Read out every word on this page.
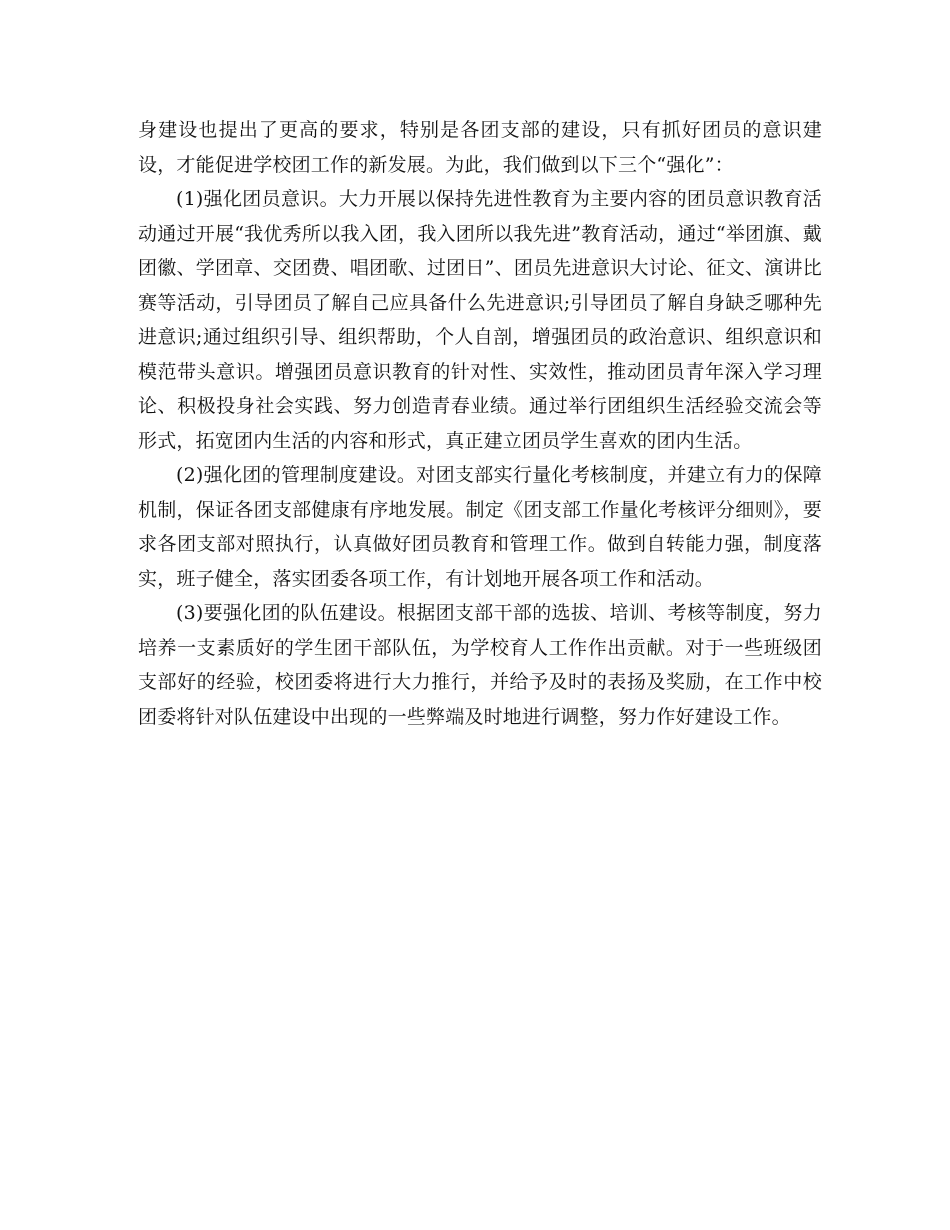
身建设也提出了更高的要求，特别是各团支部的建设，只有抓好团员的意识建设，才能促进学校团工作的新发展。为此，我们做到以下三个“强化”：

(1)强化团员意识。大力开展以保持先进性教育为主要内容的团员意识教育活动通过开展“我优秀所以我入团，我入团所以我先进”教育活动，通过“举团旗、戴团徽、学团章、交团费、唱团歌、过团日”、团员先进意识大讨论、征文、演讲比赛等活动，引导团员了解自己应具备什么先进意识;引导团员了解自身缺乏哪种先进意识;通过组织引导、组织帮助，个人自剖，增强团员的政治意识、组织意识和模范带头意识。增强团员意识教育的针对性、实效性，推动团员青年深入学习理论、积极投身社会实践、努力创造青春业绩。通过举行团组织生活经验交流会等形式，拓宽团内生活的内容和形式，真正建立团员学生喜欢的团内生活。

(2)强化团的管理制度建设。对团支部实行量化考核制度，并建立有力的保障机制，保证各团支部健康有序地发展。制定《团支部工作量化考核评分细则》，要求各团支部对照执行，认真做好团员教育和管理工作。做到自转能力强，制度落实，班子健全，落实团委各项工作，有计划地开展各项工作和活动。

(3)要强化团的队伍建设。根据团支部干部的选拔、培训、考核等制度，努力培养一支素质好的学生团干部队伍，为学校育人工作作出贡献。对于一些班级团支部好的经验，校团委将进行大力推行，并给予及时的表扬及奖励，在工作中校团委将针对队伍建设中出现的一些弊端及时地进行调整，努力作好建设工作。
